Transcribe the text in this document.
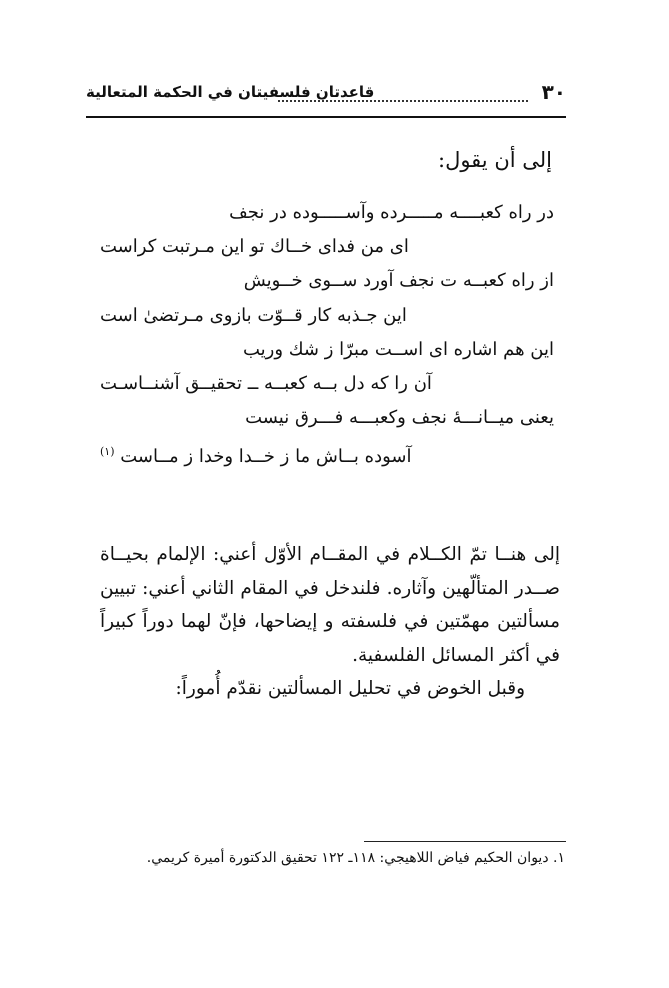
٣٠
قاعدتان فلسفيتان في الحكمة المتعالية
إلى أن يقول:
در راه كعبــــه مـــــرده وآســـــوده در نجف
اى من فداى خــاك تو اين مـرتبت كراست
از راه كعبــه ت نجف آورد ســوى خــويش
اين جـذبه كار قــوّت بازوى مـرتضىٰ است
اين هم اشاره اى اســت مبرّا ز شك وريب
آن را كه دل بــه كعبــه ــ تحقيــق آشنــاسـت
يعنى ميــانـــهٔ نجف وكعبـــه فـــرق نيست
آسوده بــاش ما ز خــدا وخدا ز مــاست $^{(١)}$

إلى هنــا تمّ الكــلام في المقــام الأوّل أعني: الإلمام بحيــاة صــدر المتألّهين وآثاره. فلندخل في المقام الثاني أعني: تبيين مسألتين مهمّتين في فلسفته و إيضاحها، فإنّ لهما دوراً كبيراً في أكثر المسائل الفلسفية.

وقبل الخوض في تحليل المسألتين نقدّم أُموراً:

١. ديوان الحكيم فياض اللاهيجي: ١١٨ـ ١٢٢ تحقيق الدكتورة أميرة كريمي.
